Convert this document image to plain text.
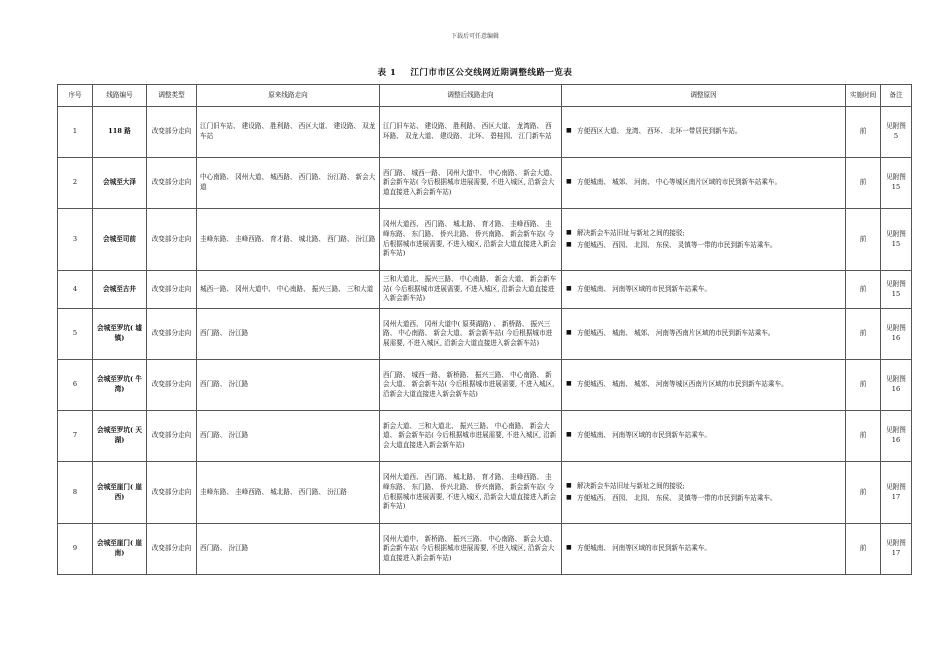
下载后可任意编辑
表 1 江门市市区公交线网近期调整线路一览表
序号	线路编号	调整类型	原来线路走向	调整后线路走向	调整原因	实施时间	备注
1	118 路	改变部分走向	江门旧车站、 建设路、 胜利路、 西区大道、 建设路、 双龙车站	江门旧车站、 建设路、 胜利路、 西区大道、 龙湾路、 西环路、 双龙大道、 建设路、 北环、 碧桂园、 江门新车站	■ 方便西区大道、 龙湾、 西环、 北环一带居民到新车站。	前	见附图 5
2	会城至大泽	改变部分走向	中心南路、 冈州大道、 城西路、 西门路、 汾江路、 新会大道	西门路、 城西一路、 冈州大道中、 中心南路、 新会大道、 新会新车站( 今后根据城市进展需要, 不进入城区, 沿新会大道直接进入新会新车站)	■ 方便城南、 城郊、 河南、 中心等城区南片区域的市民到新车站乘车。	前	见附图 15
3	会城至司前	改变部分走向	圭峰东路、 圭峰西路、 育才路、 城北路、 西门路、 汾江路	冈州大道西、 西门路、 城北路、 育才路、 圭峰西路、 圭峰东路、 东门路、 侨兴北路、 侨兴南路、 新会新车站( 今后根据城市进展需要, 不进入城区, 沿新会大道直接进入新会新车站)	■ 解决新会车站旧址与新址之间的接驳;
■ 方便城西、 西园、 北园、 东侯、 灵镇等一带的市民到新车站乘车。	前	见附图 15
4	会城至古井	改变部分走向	城西一路、 冈州大道中、 中心南路、 振兴三路、 三和大道	三和大道北、 振兴三路、 中心南路、 新会大道、 新会新车站( 今后根据城市进展需要, 不进入城区, 沿新会大道直接进入新会新车站)	■ 方便城南、 河南等区域的市民到新车站乘车。	前	见附图 15
5	会城至罗坑( 墟镇)	改变部分走向	西门路、 汾江路	冈州大道西、 冈州大道中( 原葵湖路) 、 新桥路、 振兴三路、 中心南路、 新会大道、 新会新车站( 今后根据城市进展需要, 不进入城区, 沿新会大道直接进入新会新车站)	■ 方便城西、 城南、 城郊、 河南等西南片区域的市民到新车站乘车。	前	见附图 16
6	会城至罗坑( 牛湾)	改变部分走向	西门路、 汾江路	西门路、 城西一路、 新桥路、 振兴三路、 中心南路、 新会大道、 新会新车站( 今后根据城市进展需要, 不进入城区, 沿新会大道直接进入新会新车站)	■ 方便城西、 城南、 城郊、 河南等城区西南片区域的市民到新车站乘车。	前	见附图 16
7	会城至罗坑( 天湖)	改变部分走向	西门路、 汾江路	新会大道、 三和大道北、 振兴三路、 中心南路、 新会大道、 新会新车站( 今后根据城市进展需要, 不进入城区, 沿新会大道直接进入新会新车站)	■ 方便城南、 河南等区域的市民到新车站乘车。	前	见附图 16
8	会城至崖门( 崖西)	改变部分走向	圭峰东路、 圭峰西路、 城北路、 西门路、 汾江路	冈州大道西、 西门路、 城北路、 育才路、 圭峰西路、 圭峰东路、 东门路、 侨兴北路、 侨兴南路、 新会新车站( 今后根据城市进展需要, 不进入城区, 沿新会大道直接进入新会新车站)	■ 解决新会车站旧址与新址之间的接驳;
■ 方便城西、 西园、 北园、 东侯、 灵镇等一带的市民到新车站乘车。	前	见附图 17
9	会城至崖门( 崖南)	改变部分走向	西门路、 汾江路	冈州大道中、 新桥路、 振兴三路、 中心南路、 新会大道、 新会新车站( 今后根据城市进展需要, 不进入城区, 沿新会大道直接进入新会新车站)	■ 方便城南、 河南等区域的市民到新车站乘车。	前	见附图 17
